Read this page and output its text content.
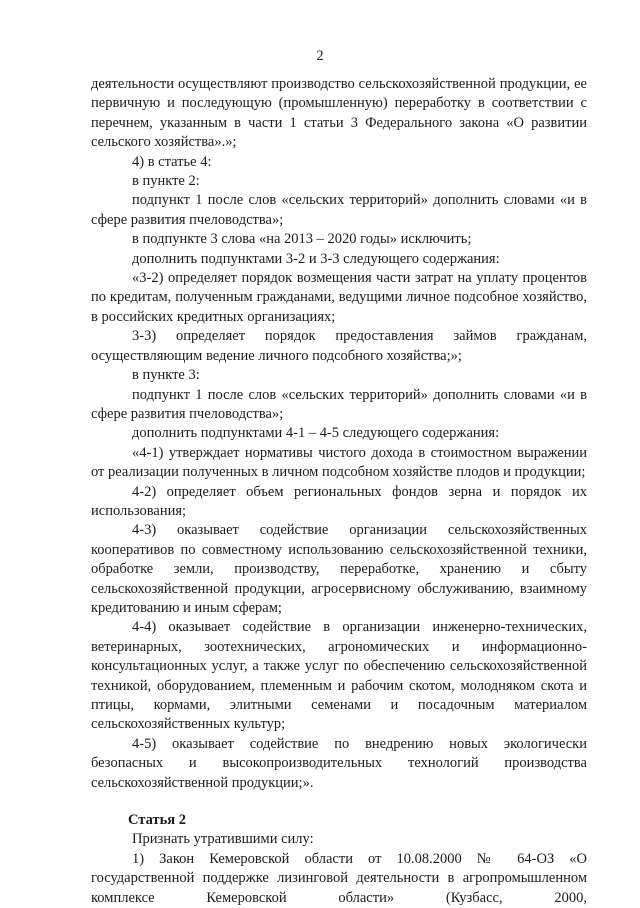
2

деятельности осуществляют производство сельскохозяйственной продукции, ее первичную и последующую (промышленную) переработку в соответствии с перечнем, указанным в части 1 статьи 3 Федерального закона «О развитии сельского хозяйства».»;

4) в статье 4:

в пункте 2:

подпункт 1 после слов «сельских территорий» дополнить словами «и в сфере развития пчеловодства»;

в подпункте 3 слова «на 2013 – 2020 годы» исключить;

дополнить подпунктами 3-2 и 3-3 следующего содержания:

«3-2) определяет порядок возмещения части затрат на уплату процентов по кредитам, полученным гражданами, ведущими личное подсобное хозяйство, в российских кредитных организациях;

3-3) определяет порядок предоставления займов гражданам, осуществляющим ведение личного подсобного хозяйства;»;

в пункте 3:

подпункт 1 после слов «сельских территорий» дополнить словами «и в сфере развития пчеловодства»;

дополнить подпунктами 4-1 – 4-5 следующего содержания:

«4-1) утверждает нормативы чистого дохода в стоимостном выражении от реализации полученных в личном подсобном хозяйстве плодов и продукции;

4-2) определяет объем региональных фондов зерна и порядок их использования;

4-3) оказывает содействие организации сельскохозяйственных кооперативов по совместному использованию сельскохозяйственной техники, обработке земли, производству, переработке, хранению и сбыту сельскохозяйственной продукции, агросервисному обслуживанию, взаимному кредитованию и иным сферам;

4-4) оказывает содействие в организации инженерно-технических, ветеринарных, зоотехнических, агрономических и информационно-консультационных услуг, а также услуг по обеспечению сельскохозяйственной техникой, оборудованием, племенным и рабочим скотом, молодняком скота и птицы, кормами, элитными семенами и посадочным материалом сельскохозяйственных культур;

4-5) оказывает содействие по внедрению новых экологически безопасных и высокопроизводительных технологий производства сельскохозяйственной продукции;».

Статья 2

Признать утратившими силу:

1) Закон Кемеровской области от 10.08.2000 № 64-ОЗ «О государственной поддержке лизинговой деятельности в агропромышленном комплексе Кемеровской области» (Кузбасс, 2000,
